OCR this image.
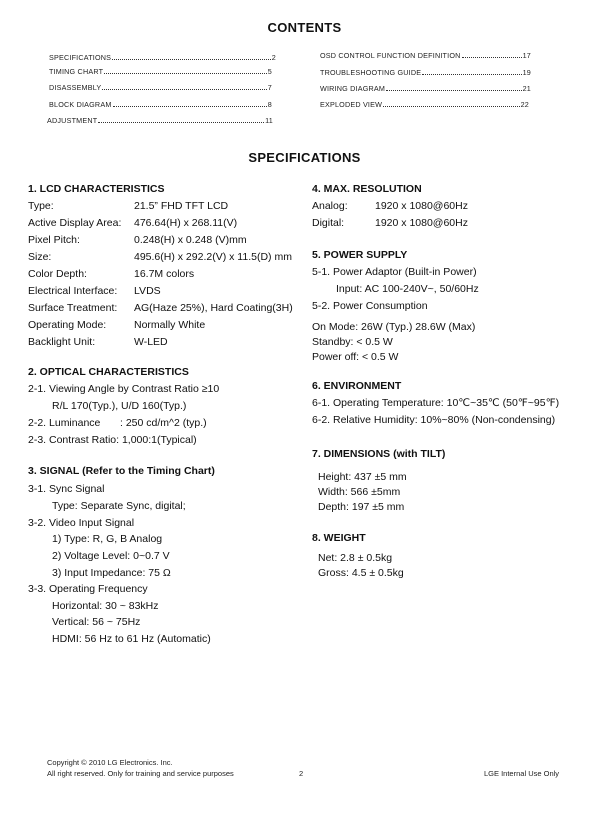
CONTENTS
SPECIFICATIONS	2
TIMING CHART	5
DISASSEMBLY	7
BLOCK DIAGRAM	8
ADJUSTMENT	11
OSD CONTROL FUNCTION DEFINITION	17
TROUBLESHOOTING GUIDE	19
WIRING DIAGRAM	21
EXPLODED VIEW	22
SPECIFICATIONS
1. LCD CHARACTERISTICS
Type:	21.5” FHD TFT LCD
Active Display Area: 476.64(H) x 268.11(V)
Pixel Pitch:	0.248(H) x 0.248 (V)mm
Size:	495.6(H) x 292.2(V) x 11.5(D) mm
Color Depth:	16.7M colors
Electrical Interface: LVDS
Surface Treatment: AG(Haze 25%), Hard Coating(3H)
Operating Mode:	Normally White
Backlight Unit:	W-LED
2. OPTICAL CHARACTERISTICS
2-1. Viewing Angle by Contrast Ratio ≥10
R/L 170(Typ.), U/D 160(Typ.)
2-2. Luminance : 250 cd/m^2 (typ.)
2-3. Contrast Ratio: 1,000:1(Typical)
3. SIGNAL (Refer to the Timing Chart)
3-1. Sync Signal
Type: Separate Sync, digital;
3-2. Video Input Signal
1) Type: R, G, B Analog
2) Voltage Level: 0~0.7 V
3) Input Impedance: 75 Ω
3-3. Operating Frequency
Horizontal: 30 ~ 83kHz
Vertical: 56 ~ 75Hz
HDMI: 56 Hz to 61 Hz (Automatic)
4. MAX. RESOLUTION
Analog:	1920 x 1080@60Hz
Digital:	1920 x 1080@60Hz
5. POWER SUPPLY
5-1. Power Adaptor (Built-in Power)
Input: AC 100-240V~, 50/60Hz
5-2. Power Consumption
On Mode: 26W (Typ.) 28.6W (Max)
Standby: < 0.5 W
Power off: < 0.5 W
6. ENVIRONMENT
6-1. Operating Temperature: 10℃~35℃ (50℉~95℉)
6-2. Relative Humidity: 10%~80% (Non-condensing)
7. DIMENSIONS (with TILT)
Height: 437 ±5 mm
Width: 566 ±5mm
Depth: 197 ±5 mm
8. WEIGHT
Net: 2.8 ± 0.5kg
Gross: 4.5 ± 0.5kg
Copyright © 2010 LG Electronics. Inc.
All right reserved. Only for training and service purposes	2	LGE Internal Use Only
